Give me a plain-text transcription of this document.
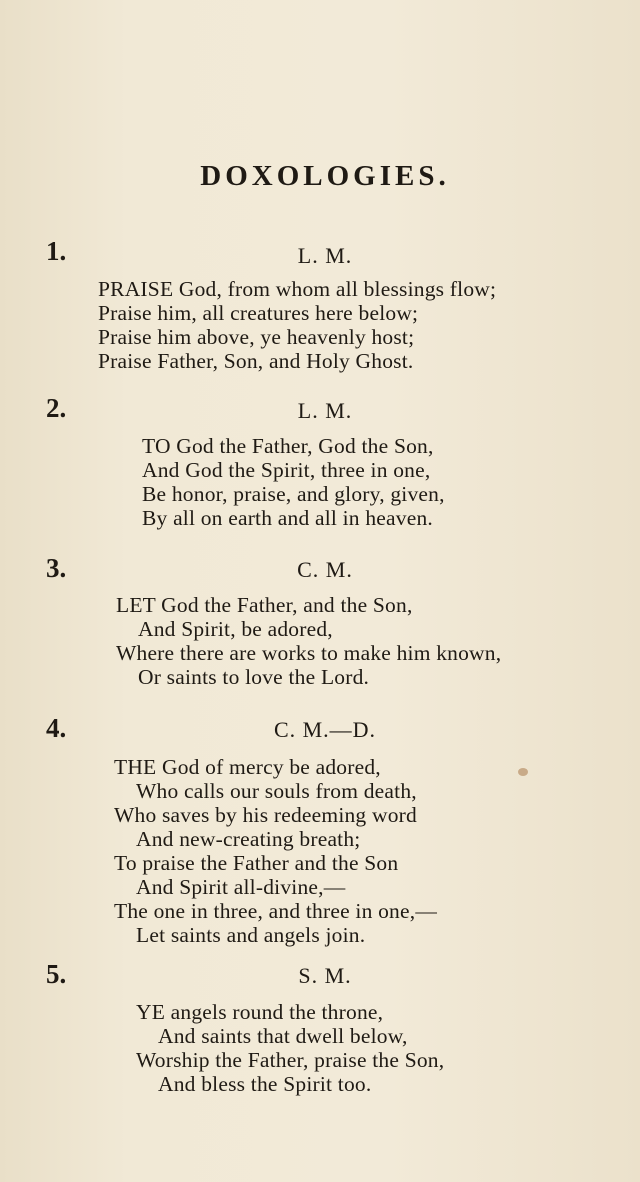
DOXOLOGIES.
1.	L. M.
PRAISE God, from whom all blessings flow;
Praise him, all creatures here below;
Praise him above, ye heavenly host;
Praise Father, Son, and Holy Ghost.
2.	L. M.
TO God the Father, God the Son,
And God the Spirit, three in one,
Be honor, praise, and glory, given,
By all on earth and all in heaven.
3.	C. M.
LET God the Father, and the Son,
And Spirit, be adored,
Where there are works to make him known,
Or saints to love the Lord.
4.	C. M.—D.
THE God of mercy be adored,
Who calls our souls from death,
Who saves by his redeeming word
And new-creating breath;
To praise the Father and the Son
And Spirit all-divine,—
The one in three, and three in one,—
Let saints and angels join.
5.	S. M.
YE angels round the throne,
And saints that dwell below,
Worship the Father, praise the Son,
And bless the Spirit too.
